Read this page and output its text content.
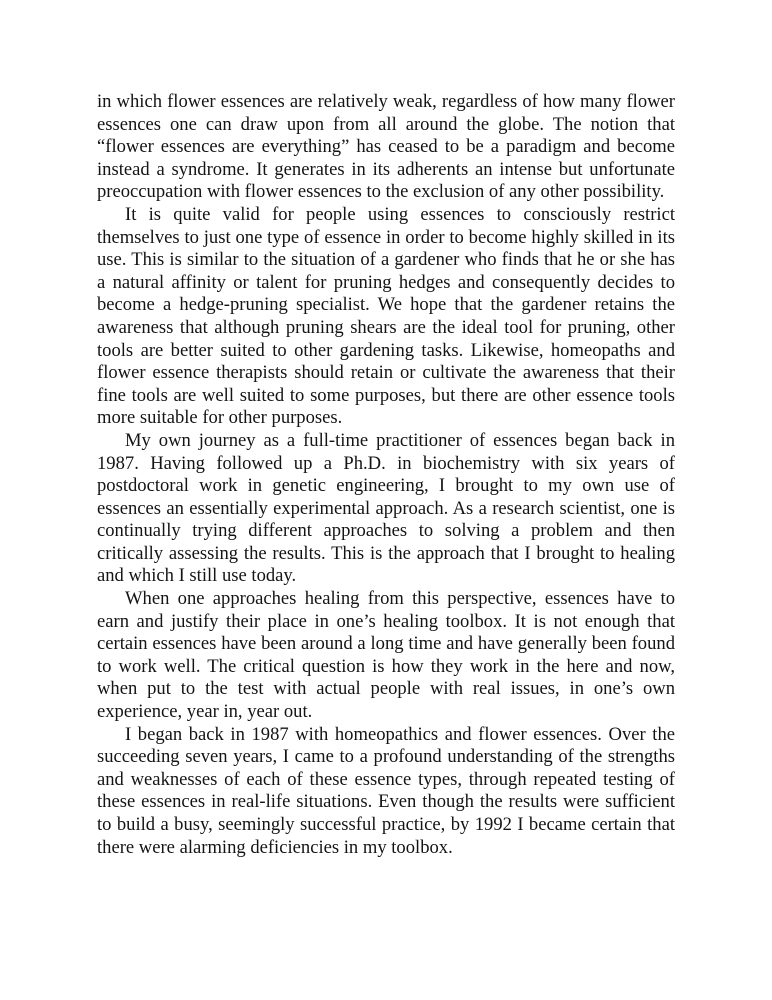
in which flower essences are relatively weak, regardless of how many flower essences one can draw upon from all around the globe. The notion that “flower essences are everything” has ceased to be a paradigm and become instead a syndrome. It generates in its adherents an intense but unfortunate preoccupation with flower essences to the exclusion of any other possibility.

It is quite valid for people using essences to consciously restrict themselves to just one type of essence in order to become highly skilled in its use. This is similar to the situation of a gardener who finds that he or she has a natural affinity or talent for pruning hedges and consequently decides to become a hedge-pruning specialist. We hope that the gardener retains the awareness that although pruning shears are the ideal tool for pruning, other tools are better suited to other gardening tasks. Likewise, homeopaths and flower essence therapists should retain or cultivate the awareness that their fine tools are well suited to some purposes, but there are other essence tools more suitable for other purposes.

My own journey as a full-time practitioner of essences began back in 1987. Having followed up a Ph.D. in biochemistry with six years of postdoctoral work in genetic engineering, I brought to my own use of essences an essentially experimental approach. As a research scientist, one is continually trying different approaches to solving a problem and then critically assessing the results. This is the approach that I brought to healing and which I still use today.

When one approaches healing from this perspective, essences have to earn and justify their place in one’s healing toolbox. It is not enough that certain essences have been around a long time and have generally been found to work well. The critical question is how they work in the here and now, when put to the test with actual people with real issues, in one’s own experience, year in, year out.

I began back in 1987 with homeopathics and flower essences. Over the succeeding seven years, I came to a profound understanding of the strengths and weaknesses of each of these essence types, through repeated testing of these essences in real-life situations. Even though the results were sufficient to build a busy, seemingly successful practice, by 1992 I became certain that there were alarming deficiencies in my toolbox.
